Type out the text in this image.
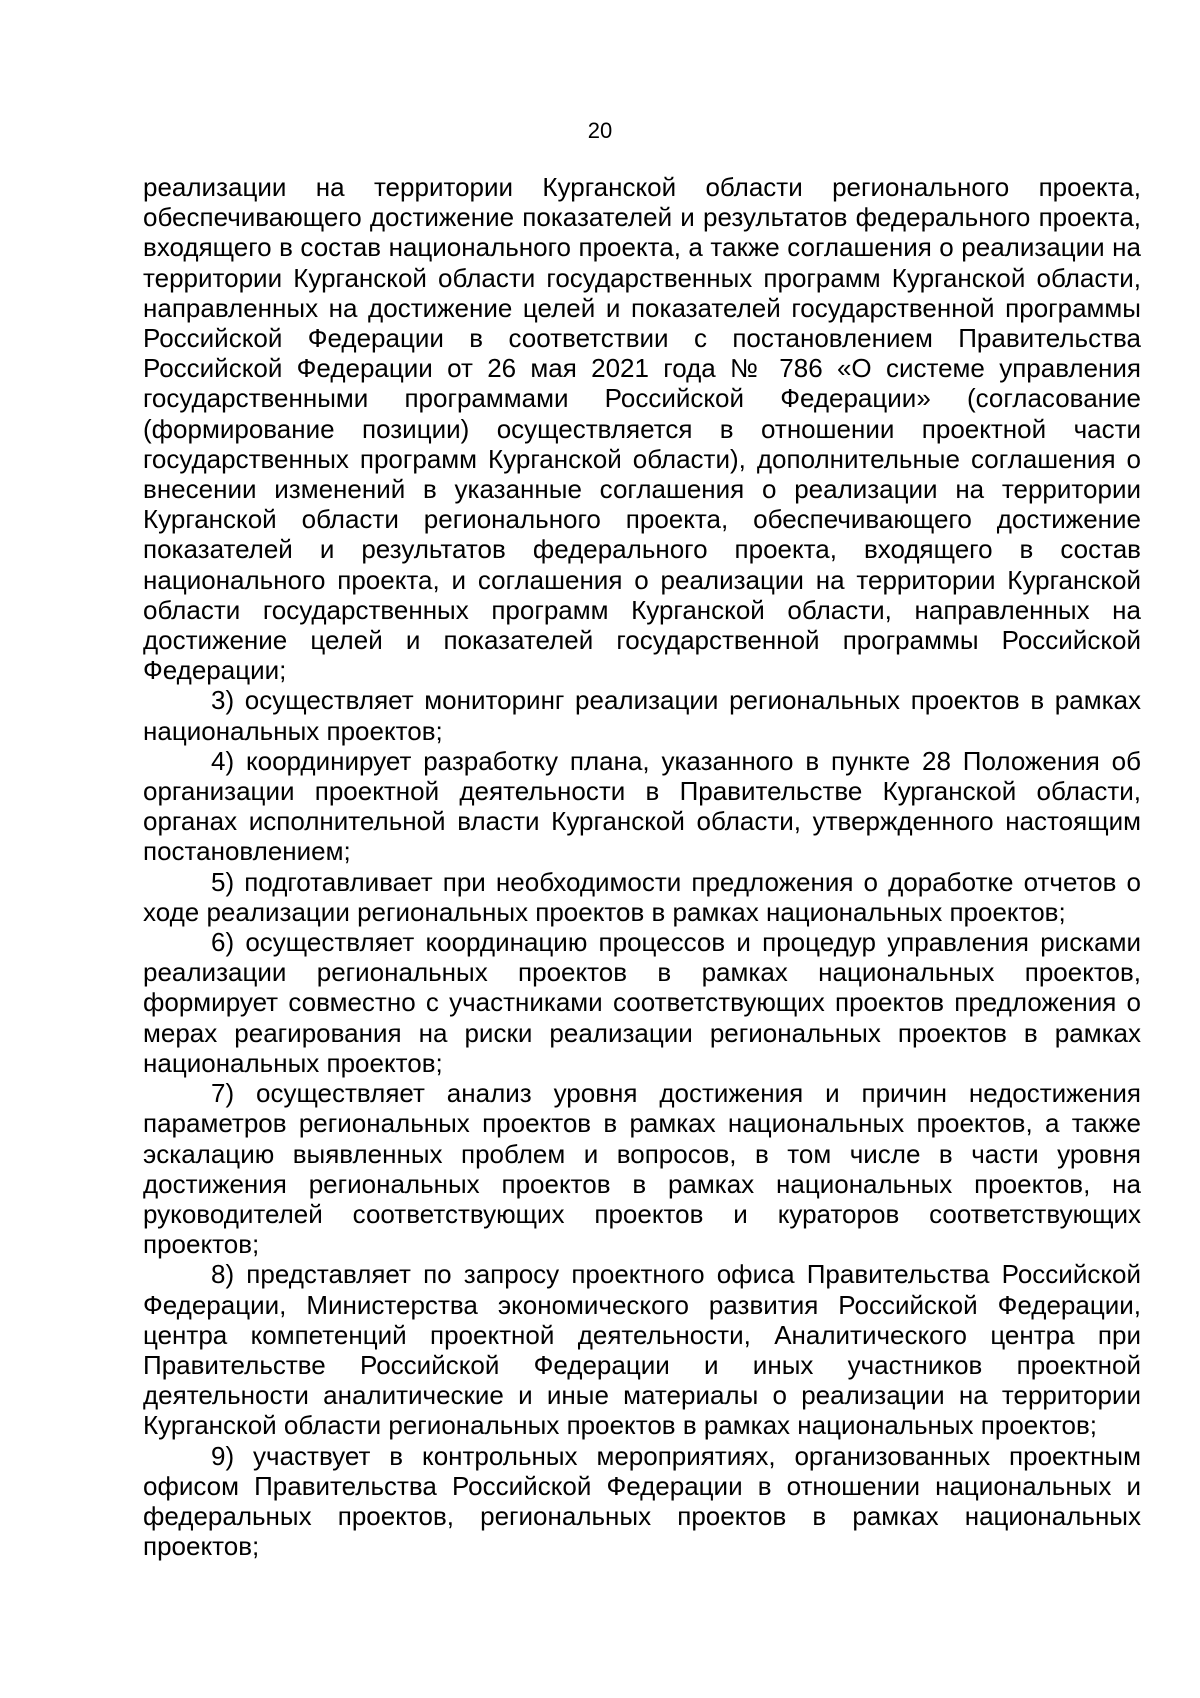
20

реализации на территории Курганской области регионального проекта, обеспечивающего достижение показателей и результатов федерального проекта, входящего в состав национального проекта, а также соглашения о реализации на территории Курганской области государственных программ Курганской области, направленных на достижение целей и показателей государственной программы Российской Федерации в соответствии с постановлением Правительства Российской Федерации от 26 мая 2021 года № 786 «О системе управления государственными программами Российской Федерации» (согласование (формирование позиции) осуществляется в отношении проектной части государственных программ Курганской области), дополнительные соглашения о внесении изменений в указанные соглашения о реализации на территории Курганской области регионального проекта, обеспечивающего достижение показателей и результатов федерального проекта, входящего в состав национального проекта, и соглашения о реализации на территории Курганской области государственных программ Курганской области, направленных на достижение целей и показателей государственной программы Российской Федерации;

3) осуществляет мониторинг реализации региональных проектов в рамках национальных проектов;

4) координирует разработку плана, указанного в пункте 28 Положения об организации проектной деятельности в Правительстве Курганской области, органах исполнительной власти Курганской области, утвержденного настоящим постановлением;

5) подготавливает при необходимости предложения о доработке отчетов о ходе реализации региональных проектов в рамках национальных проектов;

6) осуществляет координацию процессов и процедур управления рисками реализации региональных проектов в рамках национальных проектов, формирует совместно с участниками соответствующих проектов предложения о мерах реагирования на риски реализации региональных проектов в рамках национальных проектов;

7) осуществляет анализ уровня достижения и причин недостижения параметров региональных проектов в рамках национальных проектов, а также эскалацию выявленных проблем и вопросов, в том числе в части уровня достижения региональных проектов в рамках национальных проектов, на руководителей соответствующих проектов и кураторов соответствующих проектов;

8) представляет по запросу проектного офиса Правительства Российской Федерации, Министерства экономического развития Российской Федерации, центра компетенций проектной деятельности, Аналитического центра при Правительстве Российской Федерации и иных участников проектной деятельности аналитические и иные материалы о реализации на территории Курганской области региональных проектов в рамках национальных проектов;

9) участвует в контрольных мероприятиях, организованных проектным офисом Правительства Российской Федерации в отношении национальных и федеральных проектов, региональных проектов в рамках национальных проектов;
